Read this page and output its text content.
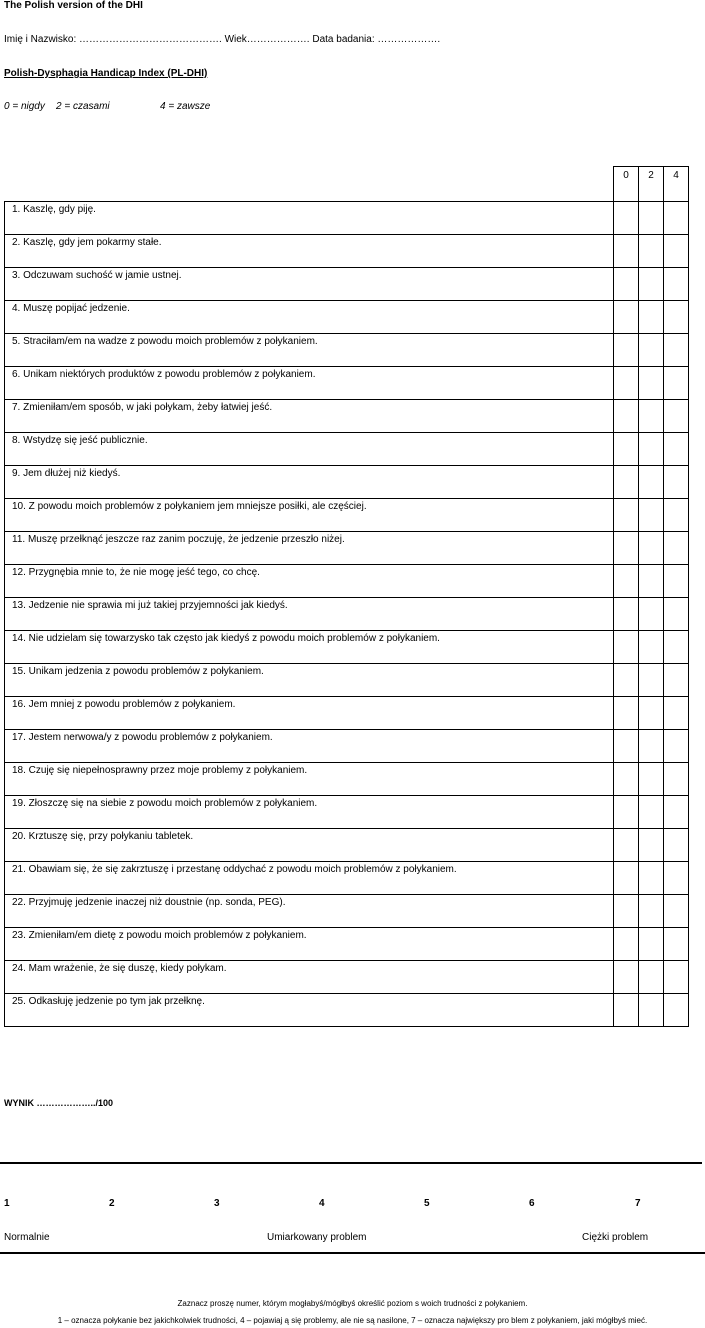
The Polish version of the DHI
Imię i Nazwisko: ……………………………………. Wiek………………. Data badania: ……………….
Polish-Dysphagia Handicap Index (PL-DHI)
0 = nigdy 2 = czasami	4 = zawsze
	0	2	4
1. Kaszlę, gdy piję.			
2. Kaszlę, gdy jem pokarmy stałe.			
3. Odczuwam suchość w jamie ustnej.			
4. Muszę popijać jedzenie.			
5. Straciłam/em na wadze z powodu moich problemów z połykaniem.			
6. Unikam niektórych produktów z powodu problemów z połykaniem.			
7. Zmieniłam/em sposób, w jaki połykam, żeby łatwiej jeść.			
8. Wstydzę się jeść publicznie.			
9. Jem dłużej niż kiedyś.			
10. Z powodu moich problemów z połykaniem jem mniejsze posiłki, ale częściej.			
11. Muszę przełknąć jeszcze raz zanim poczuję, że jedzenie przeszło niżej.			
12. Przygnębia mnie to, że nie mogę jeść tego, co chcę.			
13. Jedzenie nie sprawia mi już takiej przyjemności jak kiedyś.			
14. Nie udzielam się towarzysko tak często jak kiedyś z powodu moich problemów z połykaniem.			
15. Unikam jedzenia z powodu problemów z połykaniem.			
16. Jem mniej z powodu problemów z połykaniem.			
17. Jestem nerwowa/y z powodu problemów z połykaniem.			
18. Czuję się niepełnosprawny przez moje problemy z połykaniem.			
19. Złoszczę się na siebie z powodu moich problemów z połykaniem.			
20. Krztuszę się, przy połykaniu tabletek.			
21. Obawiam się, że się zakrztuszę i przestanę oddychać z powodu moich problemów z połykaniem.			
22. Przyjmuję jedzenie inaczej niż doustnie (np. sonda, PEG).			
23. Zmieniłam/em dietę z powodu moich problemów z połykaniem.			
24. Mam wrażenie, że się duszę, kiedy połykam.			
25. Odkasłuję jedzenie po tym jak przełknę.			
WYNIK ………………../100
1	2	3	4	5	6	7
Normalnie	Umiarkowany problem	Ciężki problem
Zaznacz proszę numer, którym mogłabyś/mógłbyś określić poziom s woich trudności z połykaniem.
1 – oznacza połykanie bez jakichkolwiek trudności, 4 – pojawiaj ą się problemy, ale nie są nasilone, 7 – oznacza największy pro blem z połykaniem, jaki mógłbyś mieć.
